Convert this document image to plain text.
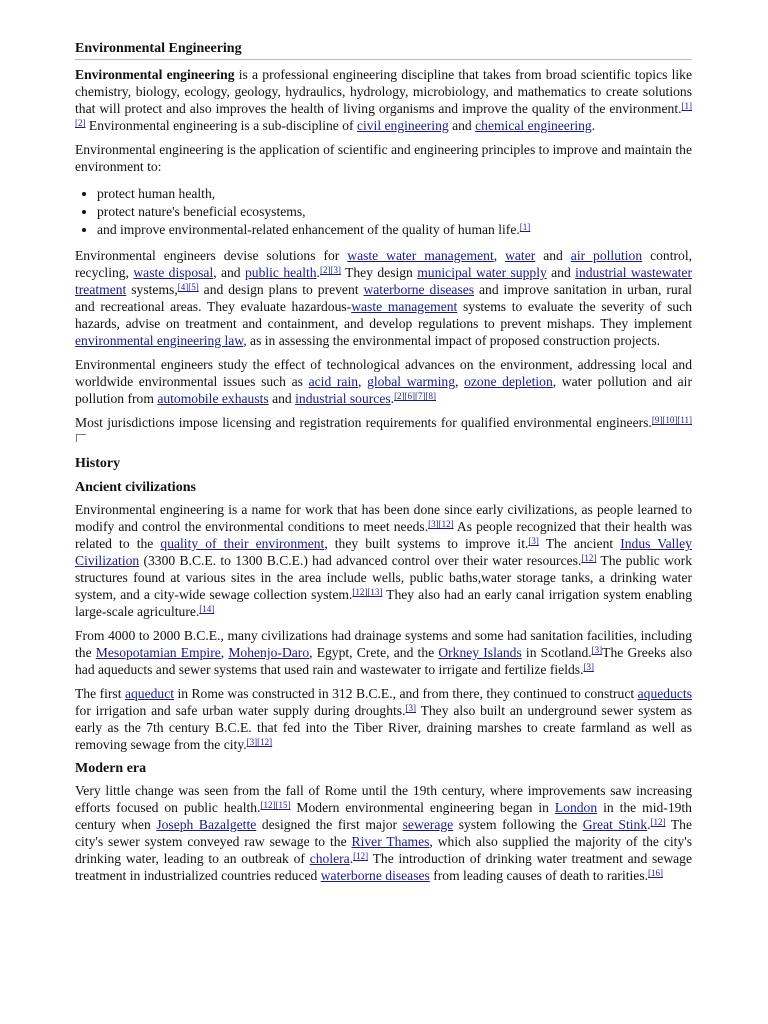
Environmental Engineering

Environmental engineering is a professional engineering discipline that takes from broad scientific topics like chemistry, biology, ecology, geology, hydraulics, hydrology, microbiology, and mathematics to create solutions that will protect and also improves the health of living organisms and improve the quality of the environment.[1][2] Environmental engineering is a sub-discipline of civil engineering and chemical engineering.

Environmental engineering is the application of scientific and engineering principles to improve and maintain the environment to:

• protect human health,
• protect nature's beneficial ecosystems,
• and improve environmental-related enhancement of the quality of human life.[1]

Environmental engineers devise solutions for waste water management, water and air pollution control, recycling, waste disposal, and public health.[2][3] They design municipal water supply and industrial wastewater treatment systems,[4][5] and design plans to prevent waterborne diseases and improve sanitation in urban, rural and recreational areas. They evaluate hazardous-waste management systems to evaluate the severity of such hazards, advise on treatment and containment, and develop regulations to prevent mishaps. They implement environmental engineering law, as in assessing the environmental impact of proposed construction projects.

Environmental engineers study the effect of technological advances on the environment, addressing local and worldwide environmental issues such as acid rain, global warming, ozone depletion, water pollution and air pollution from automobile exhausts and industrial sources.[2][6][7][8]

Most jurisdictions impose licensing and registration requirements for qualified environmental engineers.[9][10][11]

History
Ancient civilizations

Environmental engineering is a name for work that has been done since early civilizations, as people learned to modify and control the environmental conditions to meet needs.[3][12] As people recognized that their health was related to the quality of their environment, they built systems to improve it.[3] The ancient Indus Valley Civilization (3300 B.C.E. to 1300 B.C.E.) had advanced control over their water resources.[12] The public work structures found at various sites in the area include wells, public baths,water storage tanks, a drinking water system, and a city-wide sewage collection system.[12][13] They also had an early canal irrigation system enabling large-scale agriculture.[14]

From 4000 to 2000 B.C.E., many civilizations had drainage systems and some had sanitation facilities, including the Mesopotamian Empire, Mohenjo-Daro, Egypt, Crete, and the Orkney Islands in Scotland.[3]The Greeks also had aqueducts and sewer systems that used rain and wastewater to irrigate and fertilize fields.[3]

The first aqueduct in Rome was constructed in 312 B.C.E., and from there, they continued to construct aqueducts for irrigation and safe urban water supply during droughts.[3] They also built an underground sewer system as early as the 7th century B.C.E. that fed into the Tiber River, draining marshes to create farmland as well as removing sewage from the city.[3][12]

Modern era

Very little change was seen from the fall of Rome until the 19th century, where improvements saw increasing efforts focused on public health.[12][15] Modern environmental engineering began in London in the mid-19th century when Joseph Bazalgette designed the first major sewerage system following the Great Stink.[12] The city's sewer system conveyed raw sewage to the River Thames, which also supplied the majority of the city's drinking water, leading to an outbreak of cholera.[12] The introduction of drinking water treatment and sewage treatment in industrialized countries reduced waterborne diseases from leading causes of death to rarities.[16]
